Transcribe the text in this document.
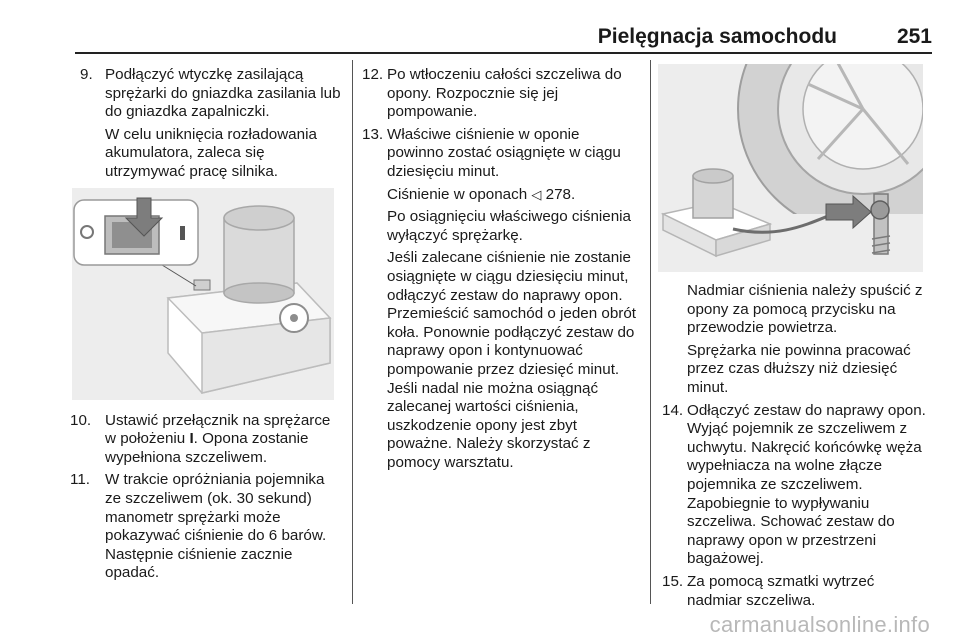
Pielęgnacja samochodu	251
9. Podłączyć wtyczkę zasilającą sprężarki do gniazdka zasilania lub do gniazdka zapalniczki.
W celu uniknięcia rozładowania akumulatora, zaleca się utrzymywać pracę silnika.
10. Ustawić przełącznik na sprężarce w położeniu I. Opona zostanie wypełniona szczeliwem.
11. W trakcie opróżniania pojemnika ze szczeliwem (ok. 30 sekund) manometr sprężarki może pokazywać ciśnienie do 6 barów. Następnie ciśnienie zacznie opadać.
12. Po wtłoczeniu całości szczeliwa do opony. Rozpocznie się jej pompowanie.
13. Właściwe ciśnienie w oponie powinno zostać osiągnięte w ciągu dziesięciu minut.
Ciśnienie w oponach ◁ 278.
Po osiągnięciu właściwego ciśnienia wyłączyć sprężarkę.
Jeśli zalecane ciśnienie nie zostanie osiągnięte w ciągu dziesięciu minut, odłączyć zestaw do naprawy opon. Przemieścić samochód o jeden obrót koła. Ponownie podłączyć zestaw do naprawy opon i kontynuować pompowanie przez dziesięć minut. Jeśli nadal nie można osiągnąć zalecanej wartości ciśnienia, uszkodzenie opony jest zbyt poważne. Należy skorzystać z pomocy warsztatu.
Nadmiar ciśnienia należy spuścić z opony za pomocą przycisku na przewodzie powietrza.
Sprężarka nie powinna pracować przez czas dłuższy niż dziesięć minut.
14. Odłączyć zestaw do naprawy opon. Wyjąć pojemnik ze szczeliwem z uchwytu. Nakręcić końcówkę węża wypełniacza na wolne złącze pojemnika ze szczeliwem. Zapobiegnie to wypływaniu szczeliwa. Schować zestaw do naprawy opon w przestrzeni bagażowej.
15. Za pomocą szmatki wytrzeć nadmiar szczeliwa.
carmanualsonline.info
